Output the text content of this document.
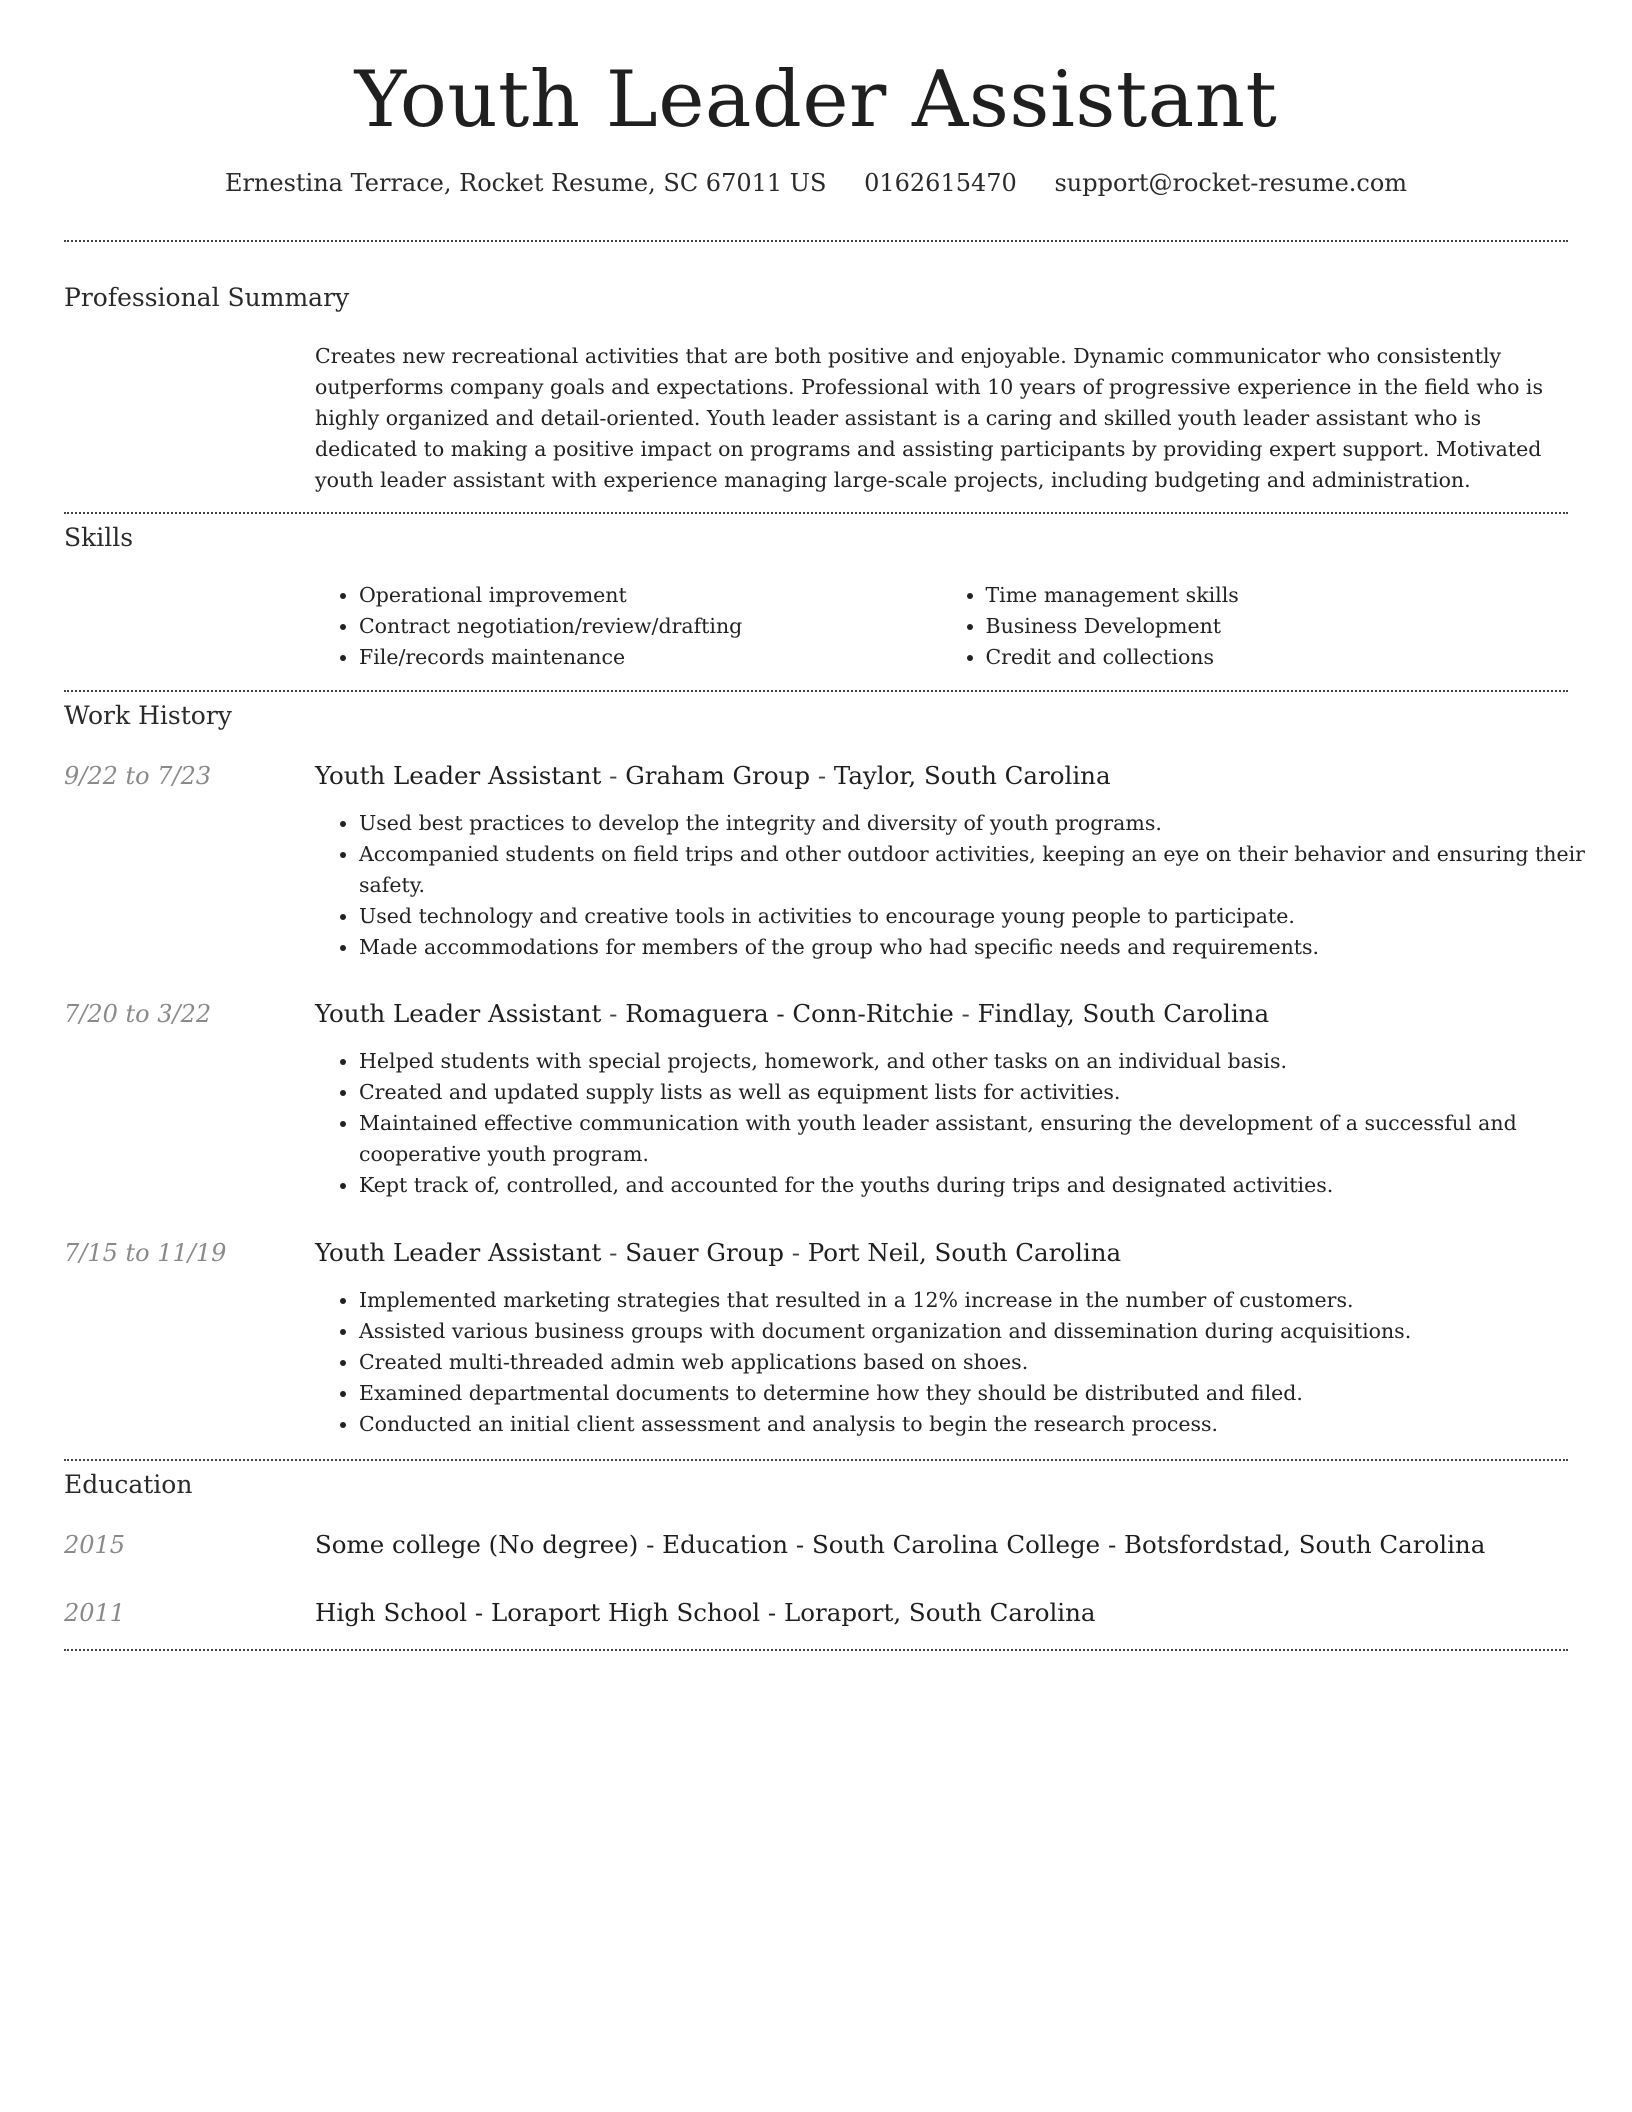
Youth Leader Assistant
Ernestina Terrace, Rocket Resume, SC 67011 US 0162615470 support@rocket-resume.com
Professional Summary

Creates new recreational activities that are both positive and enjoyable. Dynamic communicator who consistently outperforms company goals and expectations. Professional with 10 years of progressive experience in the field who is highly organized and detail-oriented. Youth leader assistant is a caring and skilled youth leader assistant who is dedicated to making a positive impact on programs and assisting participants by providing expert support. Motivated youth leader assistant with experience managing large-scale projects, including budgeting and administration.

Skills
• Operational improvement
• Contract negotiation/review/drafting
• File/records maintenance
• Time management skills
• Business Development
• Credit and collections
Work History
9/22 to 7/23	Youth Leader Assistant - Graham Group - Taylor, South Carolina
• Used best practices to develop the integrity and diversity of youth programs.
• Accompanied students on field trips and other outdoor activities, keeping an eye on their behavior and ensuring their safety.
• Used technology and creative tools in activities to encourage young people to participate.
• Made accommodations for members of the group who had specific needs and requirements.
7/20 to 3/22	Youth Leader Assistant - Romaguera - Conn-Ritchie - Findlay, South Carolina
• Helped students with special projects, homework, and other tasks on an individual basis.
• Created and updated supply lists as well as equipment lists for activities.
• Maintained effective communication with youth leader assistant, ensuring the development of a successful and cooperative youth program.
• Kept track of, controlled, and accounted for the youths during trips and designated activities.
7/15 to 11/19	Youth Leader Assistant - Sauer Group - Port Neil, South Carolina
• Implemented marketing strategies that resulted in a 12% increase in the number of customers.
• Assisted various business groups with document organization and dissemination during acquisitions.
• Created multi-threaded admin web applications based on shoes.
• Examined departmental documents to determine how they should be distributed and filed.
• Conducted an initial client assessment and analysis to begin the research process.
Education
2015	Some college (No degree) - Education - South Carolina College - Botsfordstad, South Carolina
2011	High School - Loraport High School - Loraport, South Carolina
